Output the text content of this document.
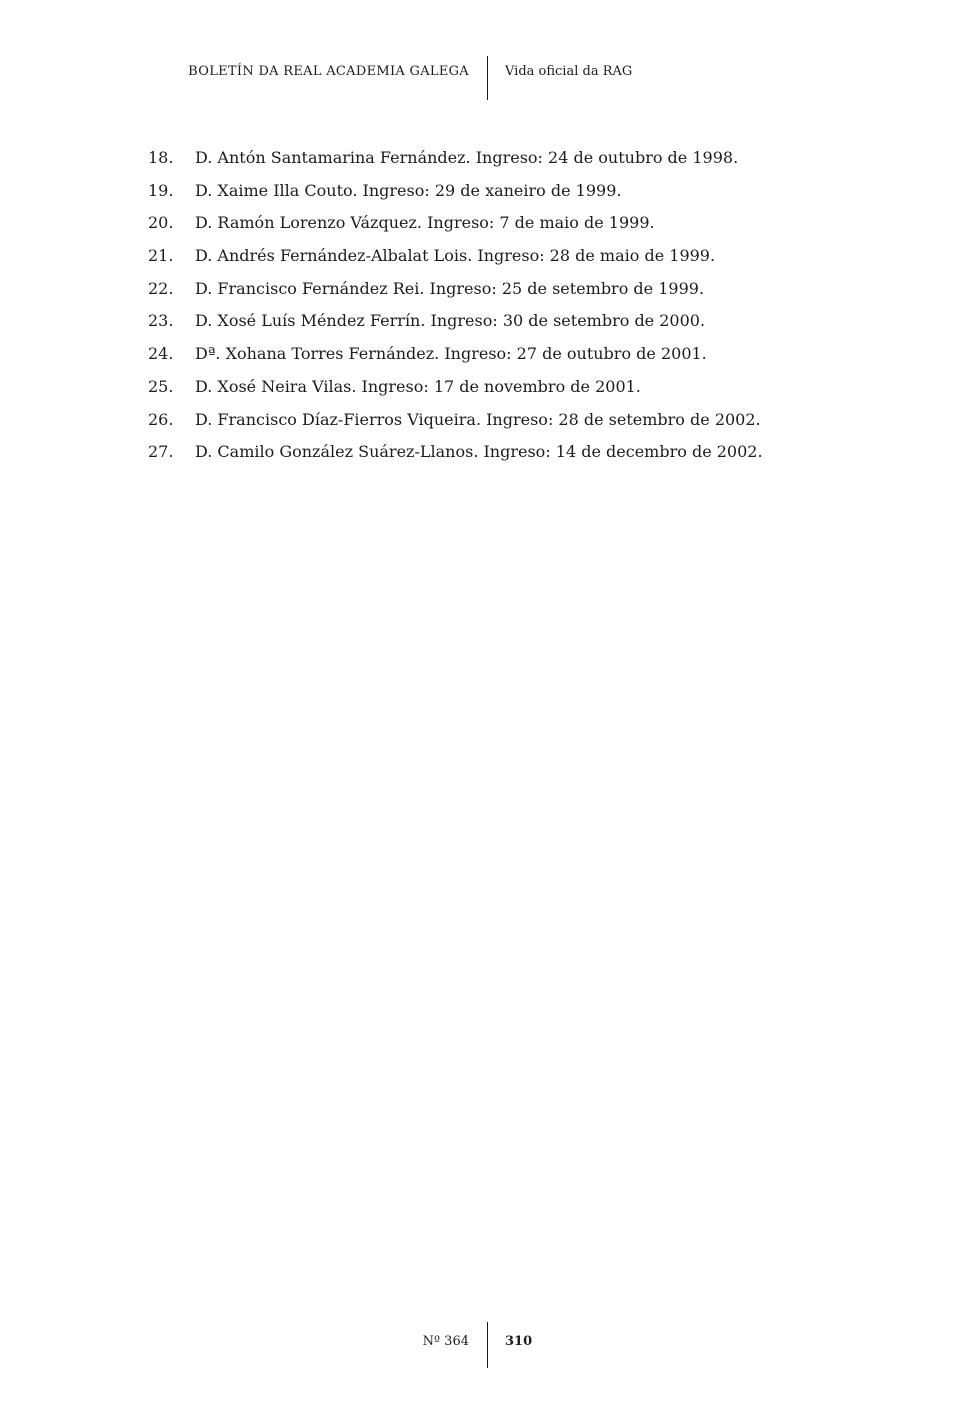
BOLETÍN DA REAL ACADEMIA GALEGA	Vida oficial da RAG
18.	D. Antón Santamarina Fernández. Ingreso: 24 de outubro de 1998.
19.	D. Xaime Illa Couto. Ingreso: 29 de xaneiro de 1999.
20.	D. Ramón Lorenzo Vázquez. Ingreso: 7 de maio de 1999.
21.	D. Andrés Fernández-Albalat Lois. Ingreso: 28 de maio de 1999.
22.	D. Francisco Fernández Rei. Ingreso: 25 de setembro de 1999.
23.	D. Xosé Luís Méndez Ferrín. Ingreso: 30 de setembro de 2000.
24.	Dª. Xohana Torres Fernández. Ingreso: 27 de outubro de 2001.
25.	D. Xosé Neira Vilas. Ingreso: 17 de novembro de 2001.
26.	D. Francisco Díaz-Fierros Viqueira. Ingreso: 28 de setembro de 2002.
27.	D. Camilo González Suárez-Llanos. Ingreso: 14 de decembro de 2002.
Nº 364	310
